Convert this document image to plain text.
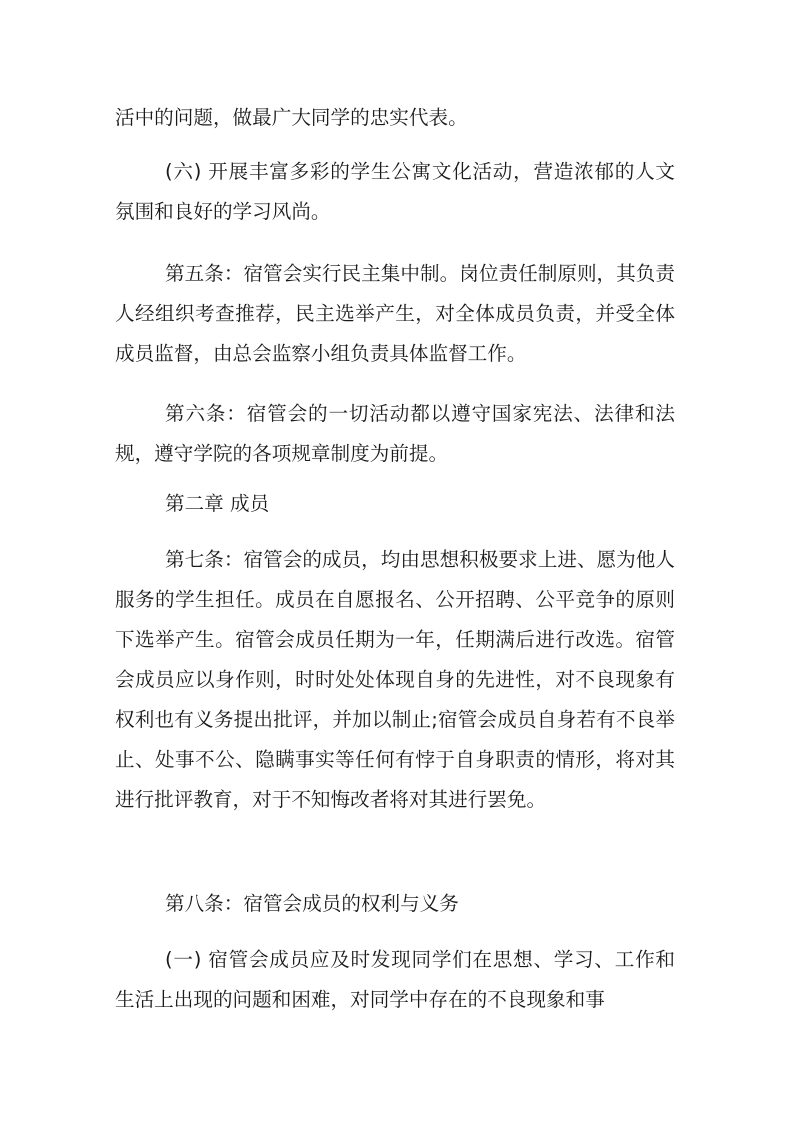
活中的问题，做最广大同学的忠实代表。

(六) 开展丰富多彩的学生公寓文化活动，营造浓郁的人文氛围和良好的学习风尚。

第五条：宿管会实行民主集中制。岗位责任制原则，其负责人经组织考查推荐，民主选举产生，对全体成员负责，并受全体成员监督，由总会监察小组负责具体监督工作。

第六条：宿管会的一切活动都以遵守国家宪法、法律和法规，遵守学院的各项规章制度为前提。

第二章 成员

第七条：宿管会的成员，均由思想积极要求上进、愿为他人服务的学生担任。成员在自愿报名、公开招聘、公平竞争的原则下选举产生。宿管会成员任期为一年，任期满后进行改选。宿管会成员应以身作则，时时处处体现自身的先进性，对不良现象有权利也有义务提出批评，并加以制止;宿管会成员自身若有不良举止、处事不公、隐瞒事实等任何有悖于自身职责的情形，将对其进行批评教育，对于不知悔改者将对其进行罢免。

第八条：宿管会成员的权利与义务

(一) 宿管会成员应及时发现同学们在思想、学习、工作和生活上出现的问题和困难，对同学中存在的不良现象和事
